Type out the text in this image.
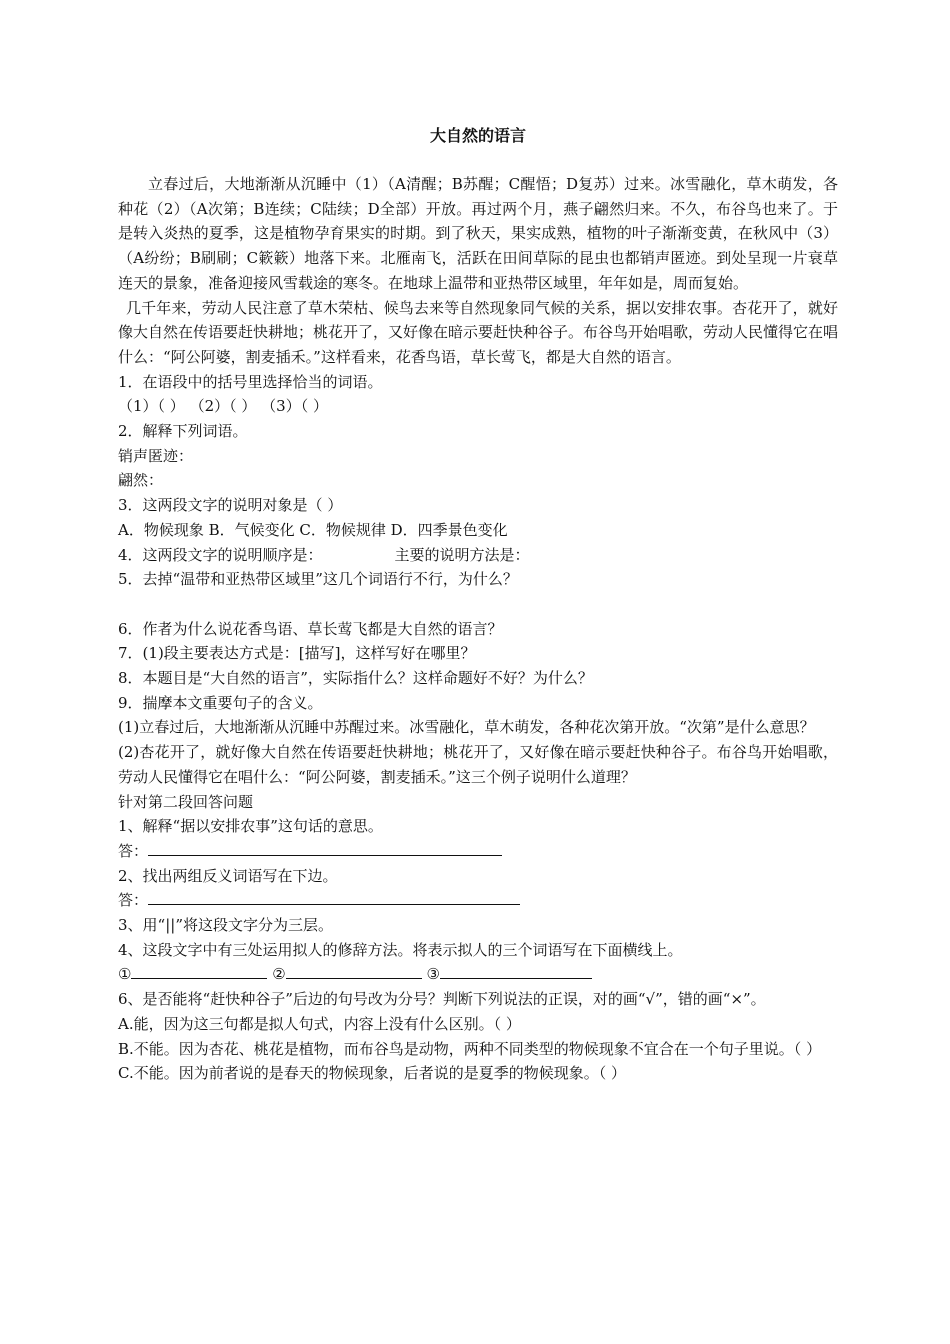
大自然的语言

立春过后，大地渐渐从沉睡中（1）（A清醒；B苏醒；C醒悟；D复苏）过来。冰雪融化，草木萌发，各种花（2）（A次第；B连续；C陆续；D全部）开放。再过两个月，燕子翩然归来。不久，布谷鸟也来了。于是转入炎热的夏季，这是植物孕育果实的时期。到了秋天，果实成熟，植物的叶子渐渐变黄，在秋风中（3）（A纷纷；B刷刷；C簌簌）地落下来。北雁南飞，活跃在田间草际的昆虫也都销声匿迹。到处呈现一片衰草连天的景象，准备迎接风雪载途的寒冬。在地球上温带和亚热带区域里，年年如是，周而复始。

几千年来，劳动人民注意了草木荣枯、候鸟去来等自然现象同气候的关系，据以安排农事。杏花开了，就好像大自然在传语要赶快耕地；桃花开了，又好像在暗示要赶快种谷子。布谷鸟开始唱歌，劳动人民懂得它在唱什么：“阿公阿婆，割麦插禾。”这样看来，花香鸟语，草长莺飞，都是大自然的语言。

1．在语段中的括号里选择恰当的词语。

（1）（ ） （2）（ ） （3）（ ）

2．解释下列词语。

销声匿迹：

翩然：

3．这两段文字的说明对象是（ ）

A．物候现象 B．气候变化 C．物候规律 D．四季景色变化

4．这两段文字的说明顺序是：	主要的说明方法是：

5．去掉“温带和亚热带区域里”这几个词语行不行，为什么？

6．作者为什么说花香鸟语、草长莺飞都是大自然的语言？

7．(1)段主要表达方式是：[描写]，这样写好在哪里？

8．本题目是“大自然的语言”，实际指什么？这样命题好不好？为什么？

9．揣摩本文重要句子的含义。

(1)立春过后，大地渐渐从沉睡中苏醒过来。冰雪融化，草木萌发，各种花次第开放。“次第”是什么意思？

(2)杏花开了，就好像大自然在传语要赶快耕地；桃花开了，又好像在暗示要赶快种谷子。布谷鸟开始唱歌，劳动人民懂得它在唱什么：“阿公阿婆，割麦插禾。”这三个例子说明什么道理？

针对第二段回答问题

1、解释“据以安排农事”这句话的意思。

答：

2、找出两组反义词语写在下边。

答：

3、用“||”将这段文字分为三层。

4、这段文字中有三处运用拟人的修辞方法。将表示拟人的三个词语写在下面横线上。

①	②	③

6、是否能将“赶快种谷子”后边的句号改为分号？判断下列说法的正误，对的画“√”，错的画“×”。

A.能，因为这三句都是拟人句式，内容上没有什么区别。（ ）

B.不能。因为杏花、桃花是植物，而布谷鸟是动物，两种不同类型的物候现象不宜合在一个句子里说。（ ）

C.不能。因为前者说的是春天的物候现象，后者说的是夏季的物候现象。（ ）
